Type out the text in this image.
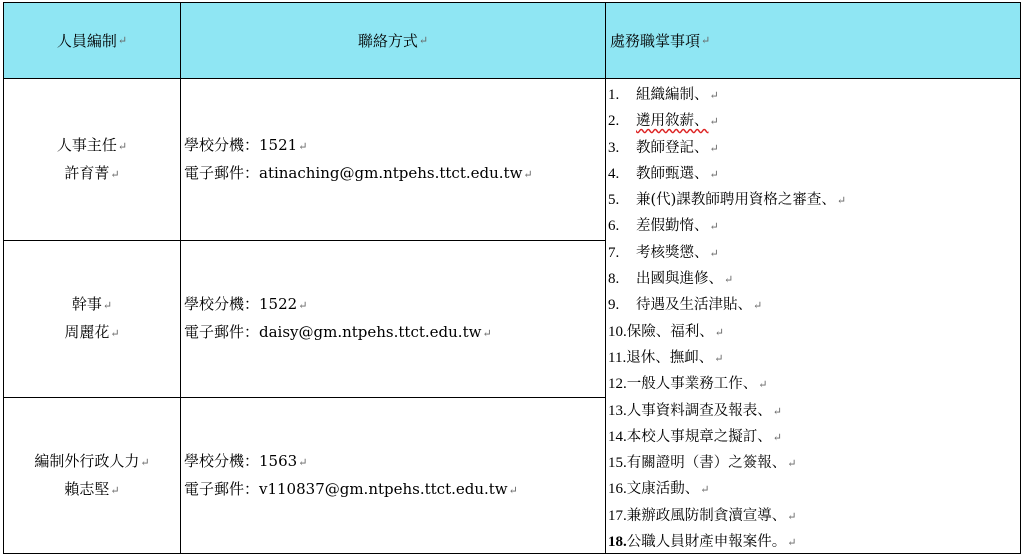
人員編制 ↵	聯絡方式 ↵	處務職掌事項 ↵
人事主任↵
許育菁↵
學校分機：1521↵
電子郵件：atinaching@gm.ntpehs.ttct.edu.tw↵
幹事↵
周麗花↵
學校分機：1522↵
電子郵件：daisy@gm.ntpehs.ttct.edu.tw↵
編制外行政人力↵
賴志堅↵
學校分機：1563↵
電子郵件：v110837@gm.ntpehs.ttct.edu.tw↵
1. 組織編制、↵
2. 遴用敘薪、↵
3. 教師登記、↵
4. 教師甄選、↵
5. 兼(代)課教師聘用資格之審查、↵
6. 差假勤惰、↵
7. 考核獎懲、↵
8. 出國與進修、↵
9. 待遇及生活津貼、↵
10.保險、福利、↵
11.退休、撫卹、↵
12.一般人事業務工作、↵
13.人事資料調查及報表、↵
14.本校人事規章之擬訂、↵
15.有關證明（書）之簽報、↵
16.文康活動、↵
17.兼辦政風防制貪瀆宣導、↵
18.公職人員財產申報案件。↵
